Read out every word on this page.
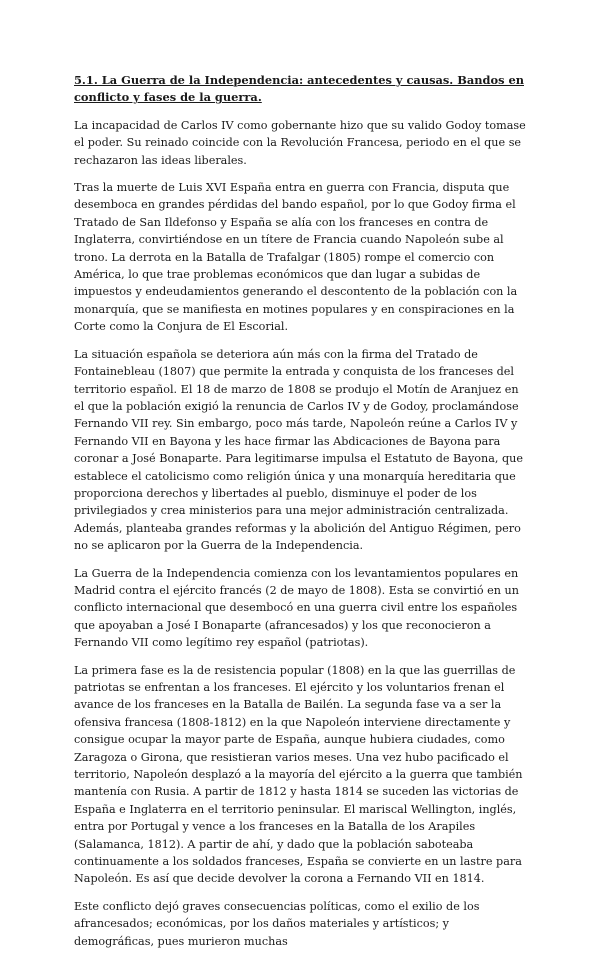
5.1. La Guerra de la Independencia: antecedentes y causas. Bandos en conflicto y fases de la guerra.
La incapacidad de Carlos IV como gobernante hizo que su valido Godoy tomase el poder. Su reinado coincide con la Revolución Francesa, periodo en el que se rechazaron las ideas liberales.
Tras la muerte de Luis XVI España entra en guerra con Francia, disputa que desemboca en grandes pérdidas del bando español, por lo que Godoy firma el Tratado de San Ildefonso y España se alía con los franceses en contra de Inglaterra, convirtiéndose en un títere de Francia cuando Napoleón sube al trono. La derrota en la Batalla de Trafalgar (1805) rompe el comercio con América, lo que trae problemas económicos que dan lugar a subidas de impuestos y endeudamientos generando el descontento de la población con la monarquía, que se manifiesta en motines populares y en conspiraciones en la Corte como la Conjura de El Escorial.
La situación española se deteriora aún más con la firma del Tratado de Fontainebleau (1807) que permite la entrada y conquista de los franceses del territorio español. El 18 de marzo de 1808 se produjo el Motín de Aranjuez en el que la población exigió la renuncia de Carlos IV y de Godoy, proclamándose Fernando VII rey. Sin embargo, poco más tarde, Napoleón reúne a Carlos IV y Fernando VII en Bayona y les hace firmar las Abdicaciones de Bayona para coronar a José Bonaparte. Para legitimarse impulsa el Estatuto de Bayona, que establece el catolicismo como religión única y una monarquía hereditaria que proporciona derechos y libertades al pueblo, disminuye el poder de los privilegiados y crea ministerios para una mejor administración centralizada. Además, planteaba grandes reformas y la abolición del Antiguo Régimen, pero no se aplicaron por la Guerra de la Independencia.
La Guerra de la Independencia comienza con los levantamientos populares en Madrid contra el ejército francés (2 de mayo de 1808). Esta se convirtió en un conflicto internacional que desembocó en una guerra civil entre los españoles que apoyaban a José I Bonaparte (afrancesados) y los que reconocieron a Fernando VII como legítimo rey español (patriotas).
La primera fase es la de resistencia popular (1808) en la que las guerrillas de patriotas se enfrentan a los franceses. El ejército y los voluntarios frenan el avance de los franceses en la Batalla de Bailén. La segunda fase va a ser la ofensiva francesa (1808-1812) en la que Napoleón interviene directamente y consigue ocupar la mayor parte de España, aunque hubiera ciudades, como Zaragoza o Girona, que resistieran varios meses. Una vez hubo pacificado el territorio, Napoleón desplazó a la mayoría del ejército a la guerra que también mantenía con Rusia. A partir de 1812 y hasta 1814 se suceden las victorias de España e Inglaterra en el territorio peninsular. El mariscal Wellington, inglés, entra por Portugal y vence a los franceses en la Batalla de los Arapiles (Salamanca, 1812). A partir de ahí, y dado que la población saboteaba continuamente a los soldados franceses, España se convierte en un lastre para Napoleón. Es así que decide devolver la corona a Fernando VII en 1814.
Este conflicto dejó graves consecuencias políticas, como el exilio de los afrancesados; económicas, por los daños materiales y artísticos; y demográficas, pues murieron muchas
